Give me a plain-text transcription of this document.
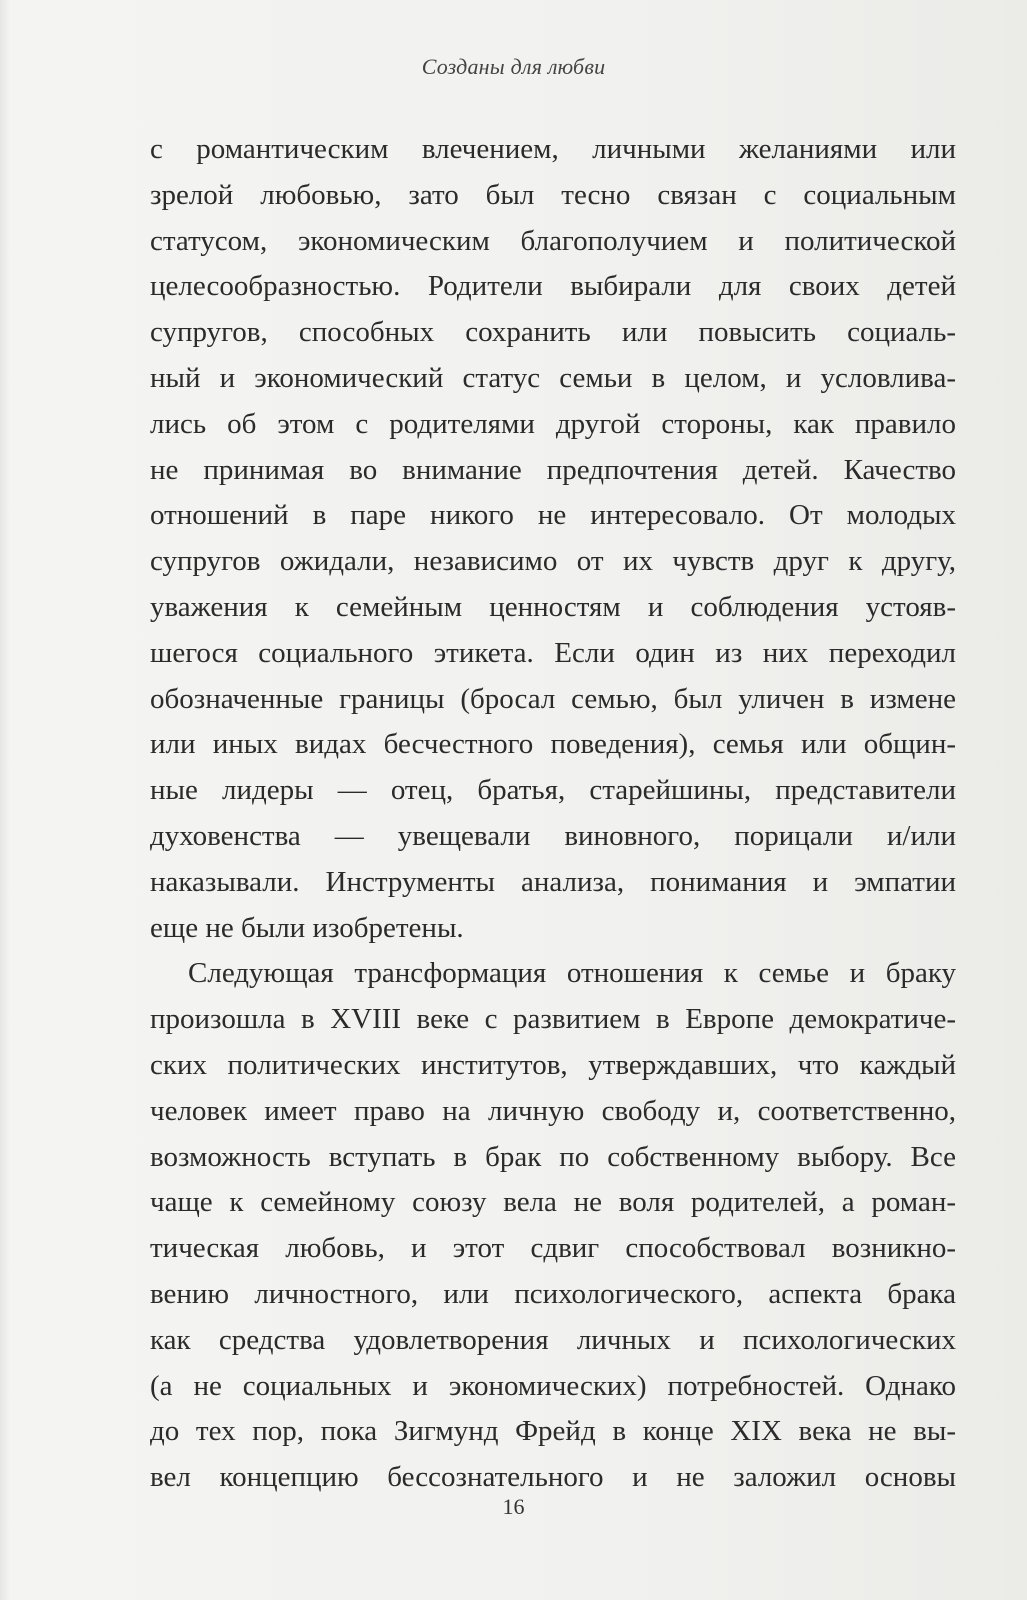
Созданы для любви
с романтическим влечением, личными желаниями или
зрелой любовью, зато был тесно связан с социальным
статусом, экономическим благополучием и политической
целесообразностью. Родители выбирали для своих детей
супругов, способных сохранить или повысить социаль-
ный и экономический статус семьи в целом, и условлива-
лись об этом с родителями другой стороны, как правило
не принимая во внимание предпочтения детей. Качество
отношений в паре никого не интересовало. От молодых
супругов ожидали, независимо от их чувств друг к другу,
уважения к семейным ценностям и соблюдения устояв-
шегося социального этикета. Если один из них переходил
обозначенные границы (бросал семью, был уличен в измене
или иных видах бесчестного поведения), семья или общин-
ные лидеры — отец, братья, старейшины, представители
духовенства — увещевали виновного, порицали и/или
наказывали. Инструменты анализа, понимания и эмпатии
еще не были изобретены.
Следующая трансформация отношения к семье и браку
произошла в XVIII веке с развитием в Европе демократиче-
ских политических институтов, утверждавших, что каждый
человек имеет право на личную свободу и, соответственно,
возможность вступать в брак по собственному выбору. Все
чаще к семейному союзу вела не воля родителей, а роман-
тическая любовь, и этот сдвиг способствовал возникно-
вению личностного, или психологического, аспекта брака
как средства удовлетворения личных и психологических
(а не социальных и экономических) потребностей. Однако
до тех пор, пока Зигмунд Фрейд в конце XIX века не вы-
вел концепцию бессознательного и не заложил основы
16
